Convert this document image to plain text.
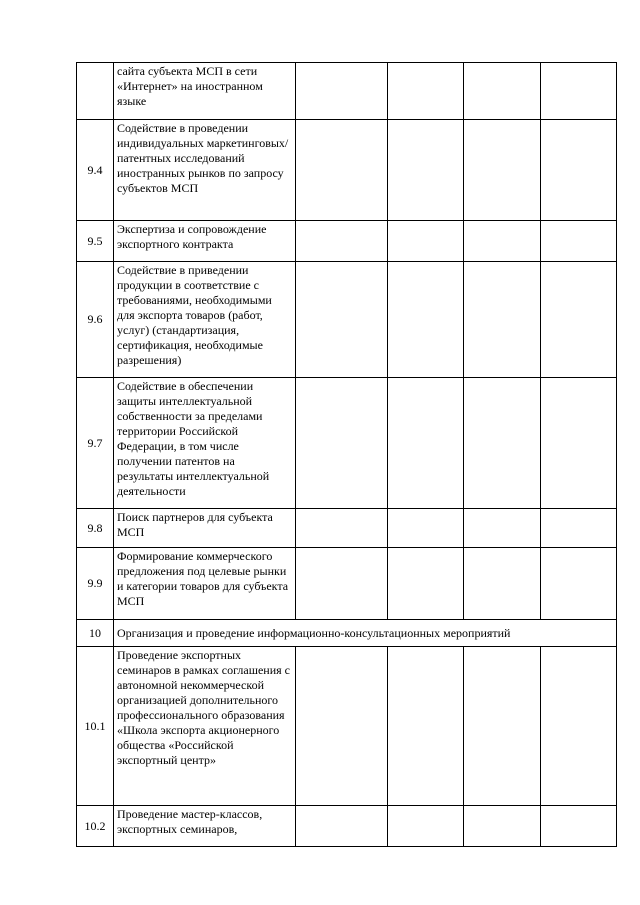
	сайта субъекта МСП в сети «Интернет» на иностранном языке				
9.4	Содействие в проведении индивидуальных маркетинговых/патентных исследований иностранных рынков по запросу субъектов МСП				
9.5	Экспертиза и сопровождение экспортного контракта				
9.6	Содействие в приведении продукции в соответствие с требованиями, необходимыми для экспорта товаров (работ, услуг) (стандартизация, сертификация, необходимые разрешения)				
9.7	Содействие в обеспечении защиты интеллектуальной собственности за пределами территории Российской Федерации, в том числе получении патентов на результаты интеллектуальной деятельности				
9.8	Поиск партнеров для субъекта МСП				
9.9	Формирование коммерческого предложения под целевые рынки и категории товаров для субъекта МСП				
10	Организация и проведение информационно-консультационных мероприятий				
10.1	Проведение экспортных семинаров в рамках соглашения с автономной некоммерческой организацией дополнительного профессионального образования «Школа экспорта акционерного общества «Российской экспортный центр»				
10.2	Проведение мастер-классов, экспортных семинаров,				
